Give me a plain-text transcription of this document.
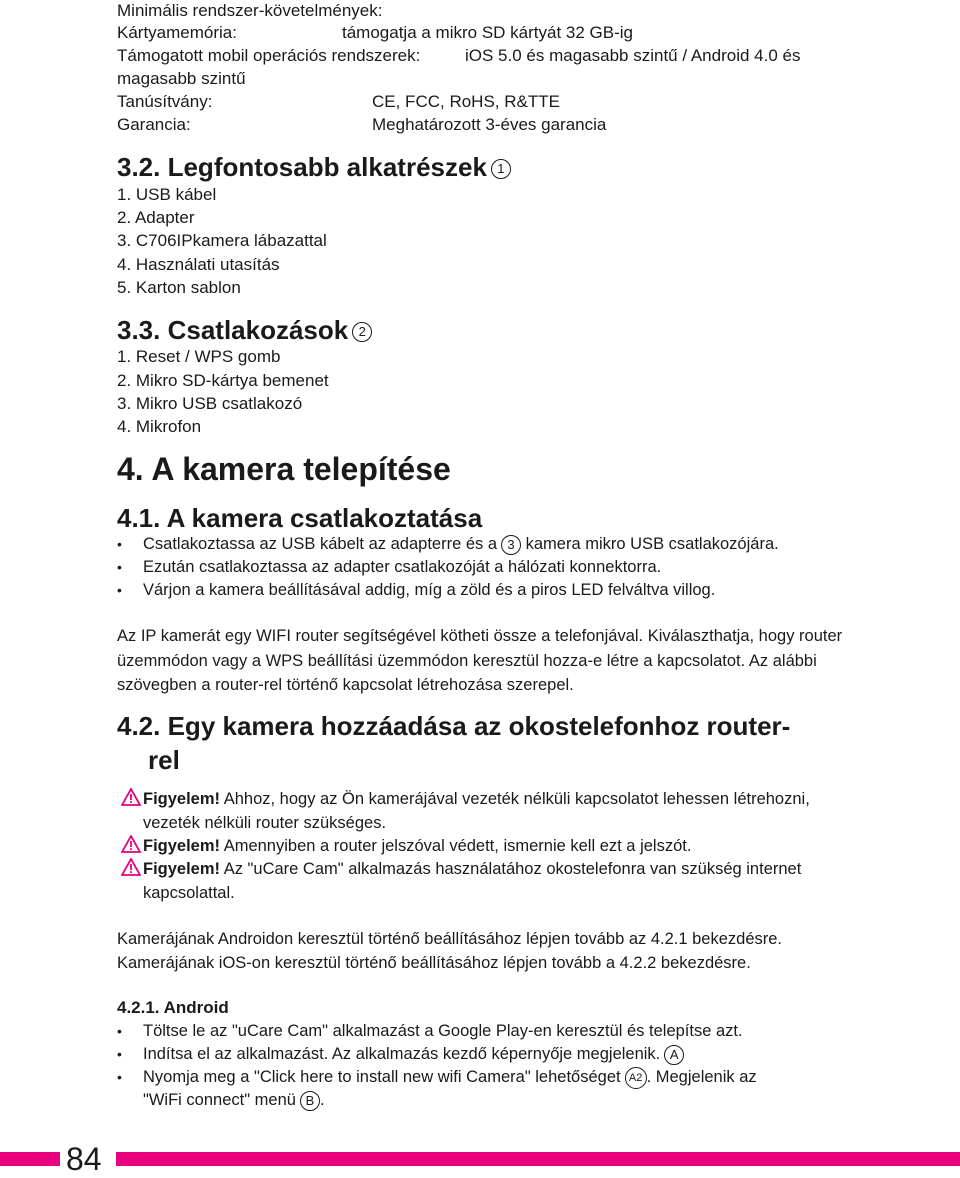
Minimális rendszer-követelmények:
Kártyamemória:	támogatja a mikro SD kártyát 32 GB-ig
Támogatott mobil operációs rendszerek:	iOS 5.0 és magasabb szintű / Android 4.0 és
magasabb szintű
Tanúsítvány:	CE, FCC, RoHS, R&TTE
Garancia:	Meghatározott 3-éves garancia
3.2. Legfontosabb alkatrészek 1
1. USB kábel
2. Adapter
3. C706IPkamera lábazattal
4. Használati utasítás
5. Karton sablon
3.3. Csatlakozások 2
1. Reset / WPS gomb
2. Mikro SD-kártya bemenet
3. Mikro USB csatlakozó
4. Mikrofon
4. A kamera telepítése
4.1. A kamera csatlakoztatása
• Csatlakoztassa az USB kábelt az adapterre és a 3 kamera mikro USB csatlakozójára.
• Ezután csatlakoztassa az adapter csatlakozóját a hálózati konnektorra.
• Várjon a kamera beállításával addig, míg a zöld és a piros LED felváltva villog.
Az IP kamerát egy WIFI router segítségével kötheti össze a telefonjával. Kiválaszthatja, hogy router üzemmódon vagy a WPS beállítási üzemmódon keresztül hozza-e létre a kapcsolatot. Az alábbi szövegben a router-rel történő kapcsolat létrehozása szerepel.
4.2. Egy kamera hozzáadása az okostelefonhoz router-
rel
Figyelem! Ahhoz, hogy az Ön kamerájával vezeték nélküli kapcsolatot lehessen létrehozni, vezeték nélküli router szükséges.
Figyelem! Amennyiben a router jelszóval védett, ismernie kell ezt a jelszót.
Figyelem! Az "uCare Cam" alkalmazás használatához okostelefonra van szükség internet kapcsolattal.
Kamerájának Androidon keresztül történő beállításához lépjen tovább az 4.2.1 bekezdésre.
Kamerájának iOS-on keresztül történő beállításához lépjen tovább a 4.2.2 bekezdésre.
4.2.1. Android
• Töltse le az "uCare Cam" alkalmazást a Google Play-en keresztül és telepítse azt.
• Indítsa el az alkalmazást. Az alkalmazás kezdő képernyője megjelenik. A
• Nyomja meg a "Click here to install new wifi Camera" lehetőséget A2 . Megjelenik az
"WiFi connect" menü B .
84
